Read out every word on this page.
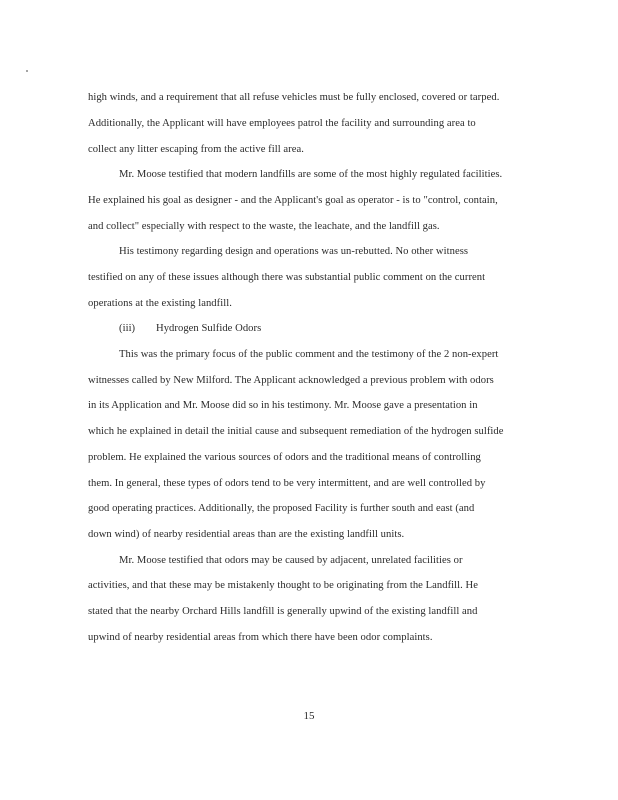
high winds, and a requirement that all refuse vehicles must be fully enclosed, covered or tarped.
Additionally, the Applicant will have employees patrol the facility and surrounding area to
collect any litter escaping from the active fill area.
Mr. Moose testified that modern landfills are some of the most highly regulated facilities.
He explained his goal as designer - and the Applicant's goal as operator - is to "control, contain,
and collect" especially with respect to the waste, the leachate, and the landfill gas.
His testimony regarding design and operations was un-rebutted. No other witness
testified on any of these issues although there was substantial public comment on the current
operations at the existing landfill.
(iii) Hydrogen Sulfide Odors
This was the primary focus of the public comment and the testimony of the 2 non-expert
witnesses called by New Milford. The Applicant acknowledged a previous problem with odors
in its Application and Mr. Moose did so in his testimony. Mr. Moose gave a presentation in
which he explained in detail the initial cause and subsequent remediation of the hydrogen sulfide
problem. He explained the various sources of odors and the traditional means of controlling
them. In general, these types of odors tend to be very intermittent, and are well controlled by
good operating practices. Additionally, the proposed Facility is further south and east (and
down wind) of nearby residential areas than are the existing landfill units.
Mr. Moose testified that odors may be caused by adjacent, unrelated facilities or
activities, and that these may be mistakenly thought to be originating from the Landfill. He
stated that the nearby Orchard Hills landfill is generally upwind of the existing landfill and
upwind of nearby residential areas from which there have been odor complaints.
15
